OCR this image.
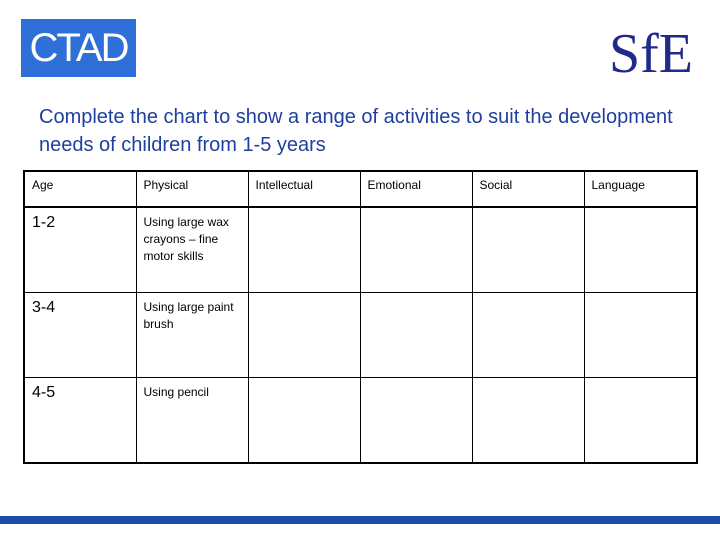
CTAD	SfE
Complete the chart to show a range of activities to suit the development needs of children from 1-5 years
Age	Physical	Intellectual	Emotional	Social	Language
1-2	Using large wax crayons – fine motor skills				
3-4	Using large paint brush				
4-5	Using pencil				
